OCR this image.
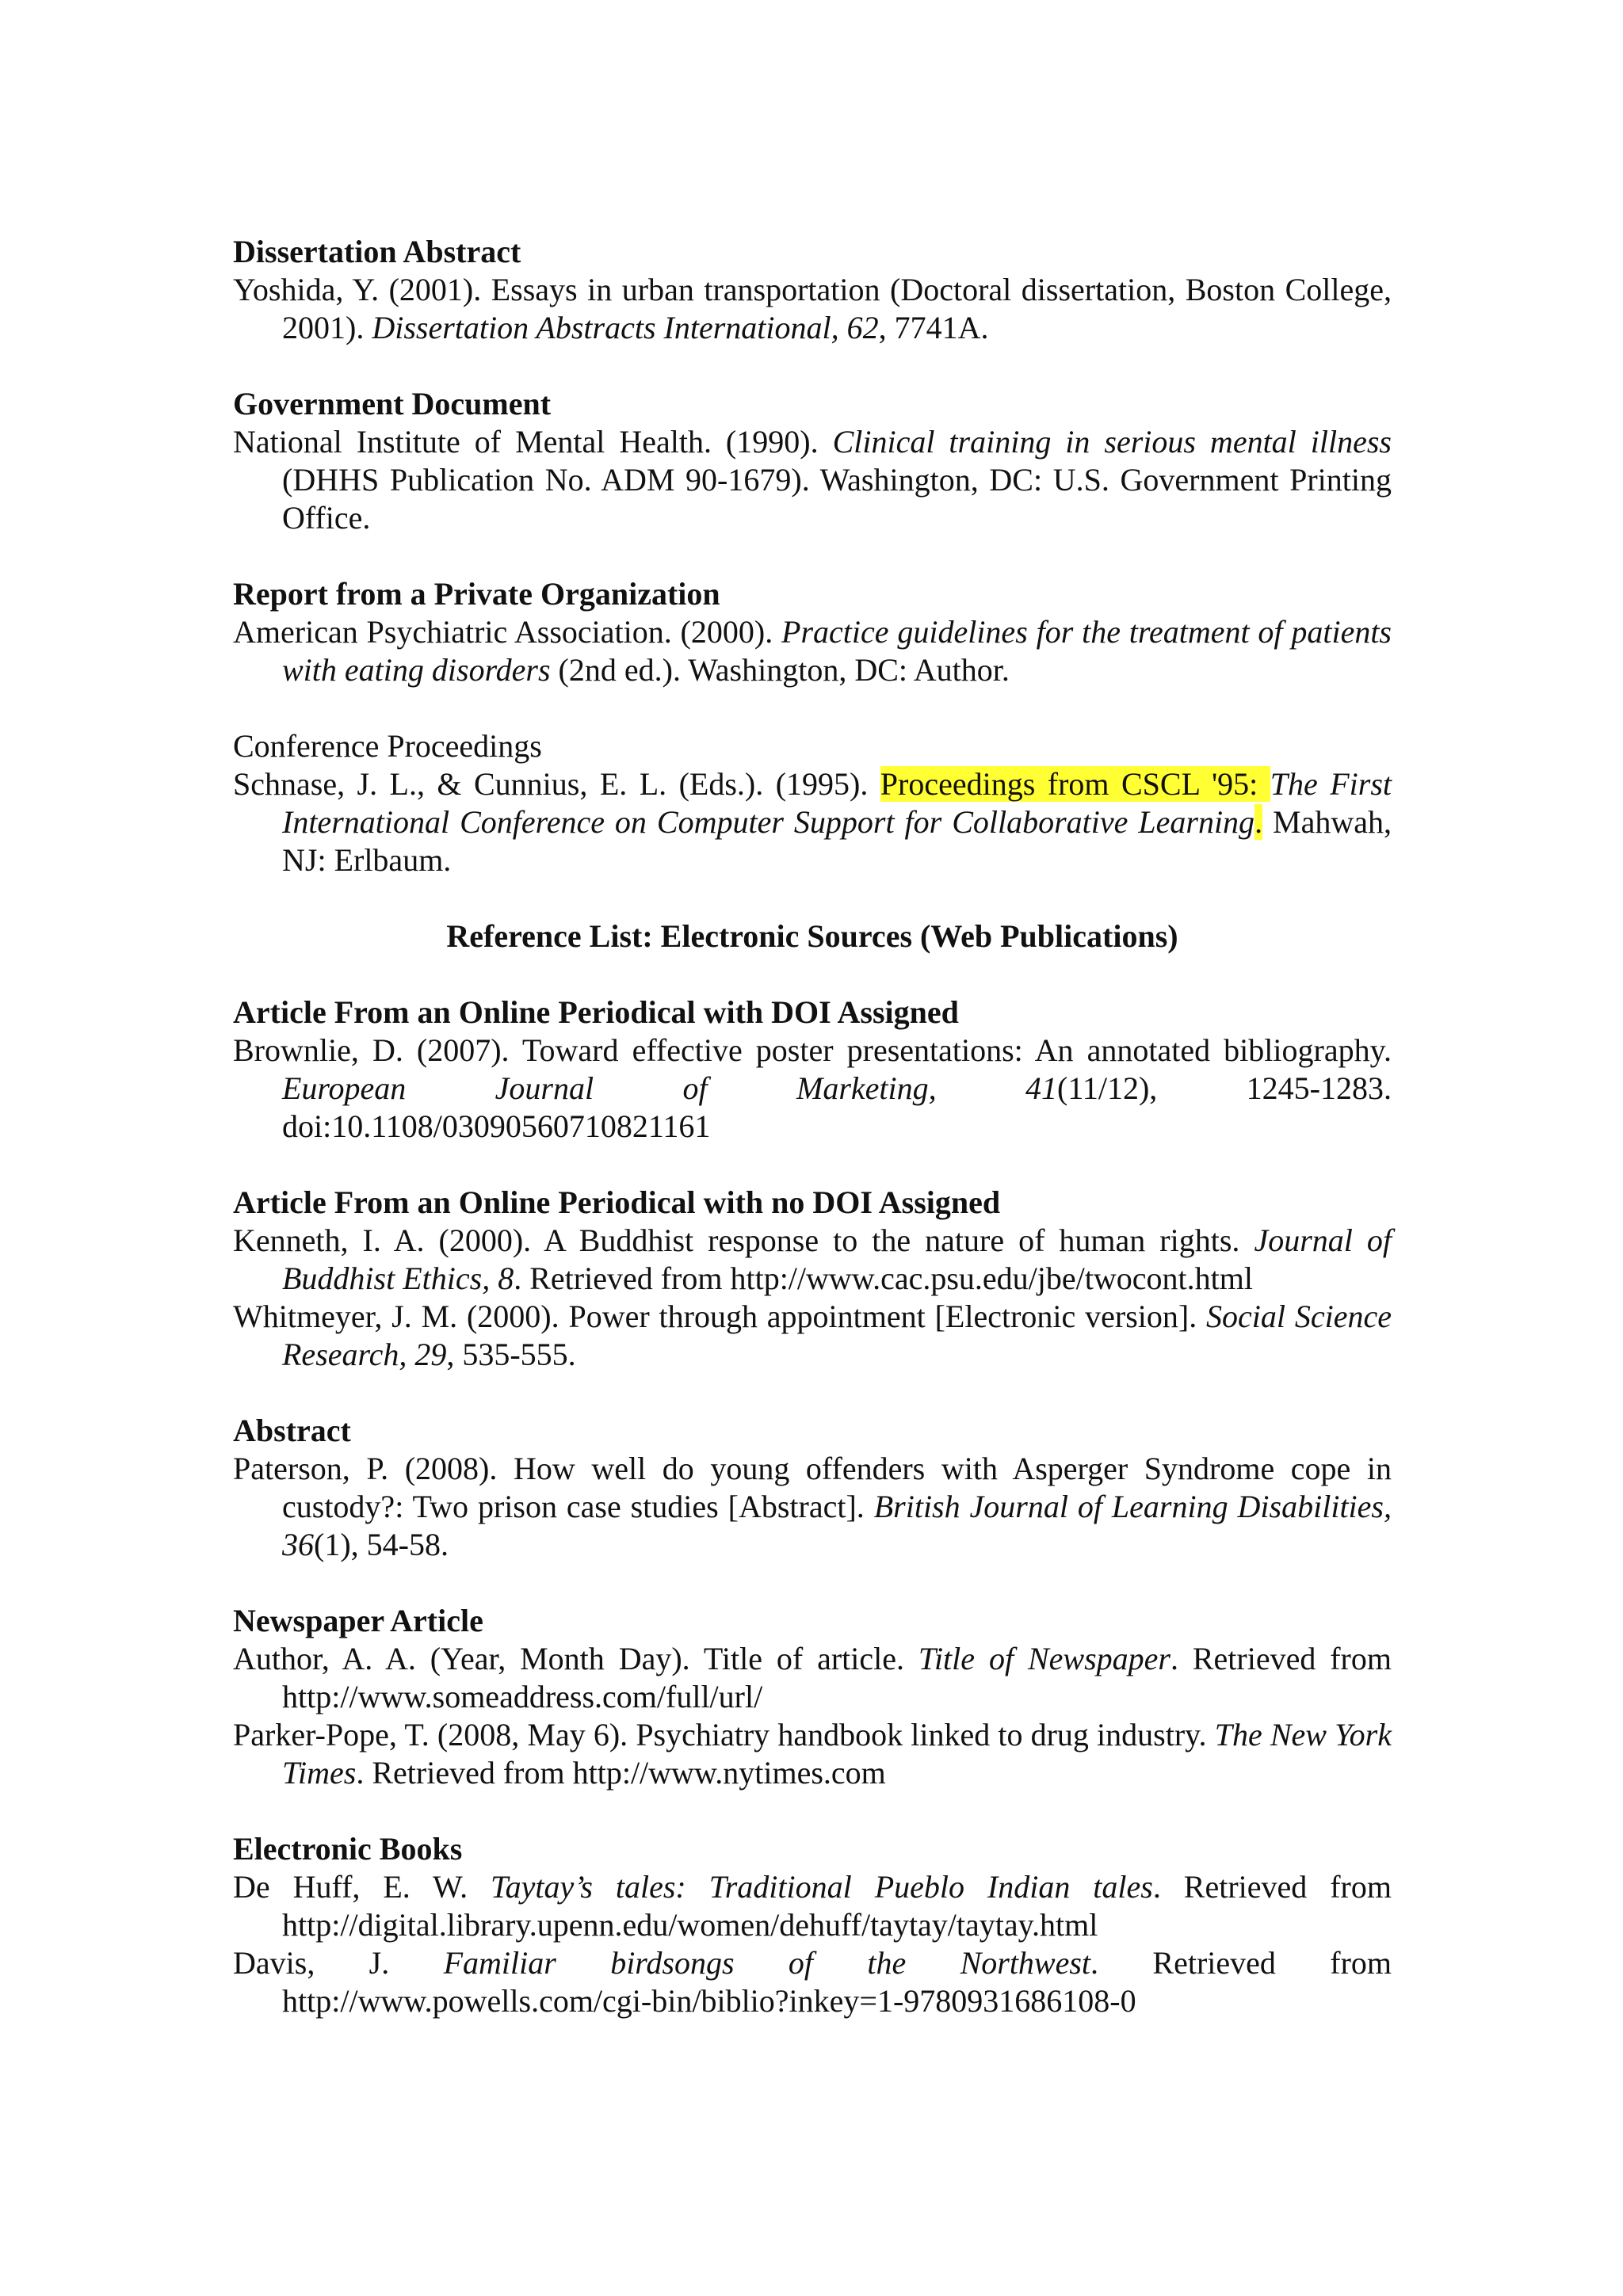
Dissertation Abstract

Yoshida, Y. (2001). Essays in urban transportation (Doctoral dissertation, Boston College, 2001). Dissertation Abstracts International, 62, 7741A.

Government Document

National Institute of Mental Health. (1990). Clinical training in serious mental illness (DHHS Publication No. ADM 90-1679). Washington, DC: U.S. Government Printing Office.

Report from a Private Organization

American Psychiatric Association. (2000). Practice guidelines for the treatment of patients with eating disorders (2nd ed.). Washington, DC: Author.

Conference Proceedings

Schnase, J. L., & Cunnius, E. L. (Eds.). (1995). Proceedings from CSCL '95: The First International Conference on Computer Support for Collaborative Learning. Mahwah, NJ: Erlbaum.

Reference List: Electronic Sources (Web Publications)

Article From an Online Periodical with DOI Assigned

Brownlie, D. (2007). Toward effective poster presentations: An annotated bibliography. European Journal of Marketing, 41(11/12), 1245-1283. doi:10.1108/03090560710821161

Article From an Online Periodical with no DOI Assigned

Kenneth, I. A. (2000). A Buddhist response to the nature of human rights. Journal of Buddhist Ethics, 8. Retrieved from http://www.cac.psu.edu/jbe/twocont.html

Whitmeyer, J. M. (2000). Power through appointment [Electronic version]. Social Science Research, 29, 535-555.

Abstract

Paterson, P. (2008). How well do young offenders with Asperger Syndrome cope in custody?: Two prison case studies [Abstract]. British Journal of Learning Disabilities, 36(1), 54-58.

Newspaper Article

Author, A. A. (Year, Month Day). Title of article. Title of Newspaper. Retrieved from http://www.someaddress.com/full/url/

Parker-Pope, T. (2008, May 6). Psychiatry handbook linked to drug industry. The New York Times. Retrieved from http://www.nytimes.com

Electronic Books

De Huff, E. W. Taytay’s tales: Traditional Pueblo Indian tales. Retrieved from http://digital.library.upenn.edu/women/dehuff/taytay/taytay.html

Davis, J. Familiar birdsongs of the Northwest. Retrieved from http://www.powells.com/cgi-bin/biblio?inkey=1-9780931686108-0
